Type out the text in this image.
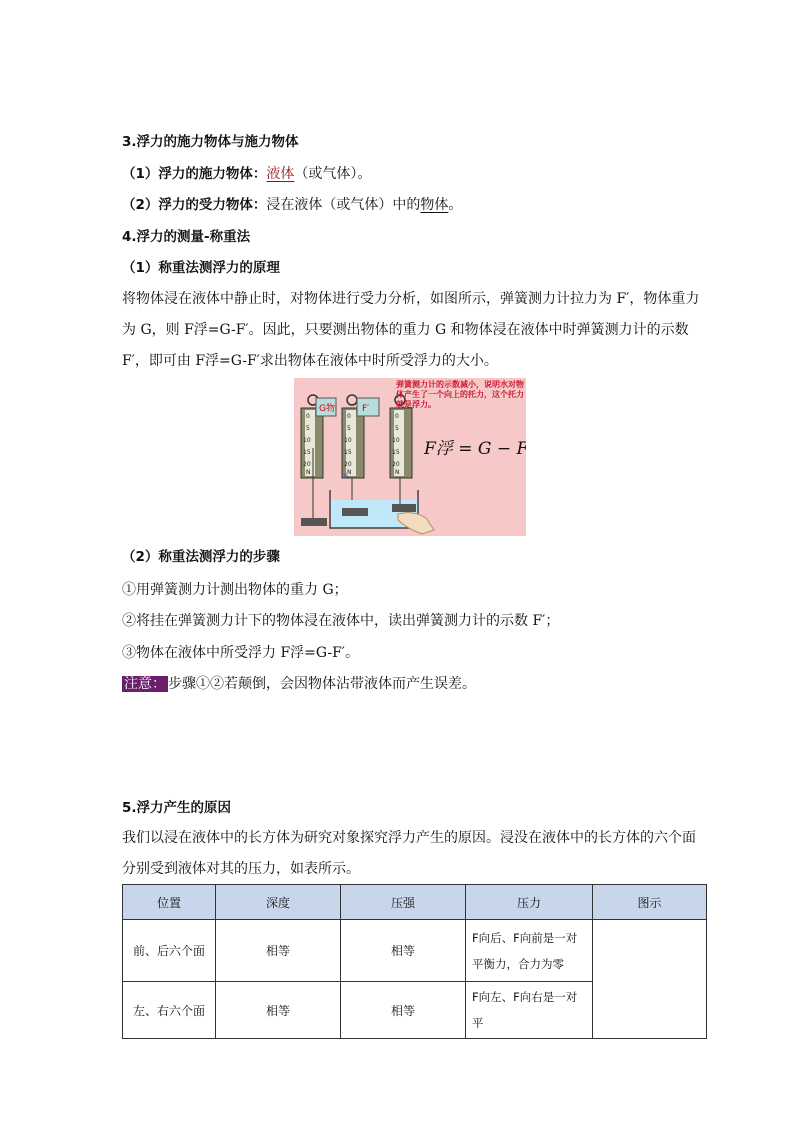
3.浮力的施力物体与施力物体
（1）浮力的施力物体：液体（或气体）。
（2）浮力的受力物体：浸在液体（或气体）中的物体。
4.浮力的测量-称重法
（1）称重法测浮力的原理
将物体浸在液体中静止时，对物体进行受力分析，如图所示，弹簧测力计拉力为 F′，物体重力为 G，则 F浮=G-F′。因此，只要测出物体的重力 G 和物体浸在液体中时弹簧测力计的示数 F′，即可由 F浮=G-F′求出物体在液体中时所受浮力的大小。
0
5
10
15
20
N
G物
0
5
10
15
20
N
F′
水
0
5
10
15
20
N
弹簧测力计的示数减小，说明水对物体产生了一个向上的托力，这个托力就是浮力。
F浮 = G − F′
（2）称重法测浮力的步骤
①用弹簧测力计测出物体的重力 G；
②将挂在弹簧测力计下的物体浸在液体中，读出弹簧测力计的示数 F′；
③物体在液体中所受浮力 F浮=G-F′。
注意： 步骤①②若颠倒，会因物体沾带液体而产生误差。
5.浮力产生的原因
我们以浸在液体中的长方体为研究对象探究浮力产生的原因。浸没在液体中的长方体的六个面分别受到液体对其的压力，如表所示。
位置	深度	压强	压力	图示
前、后六个面	相等	相等	F向后、F向前是一对平衡力，合力为零	
左、右六个面	相等	相等	F向左、F向右是一对平	
